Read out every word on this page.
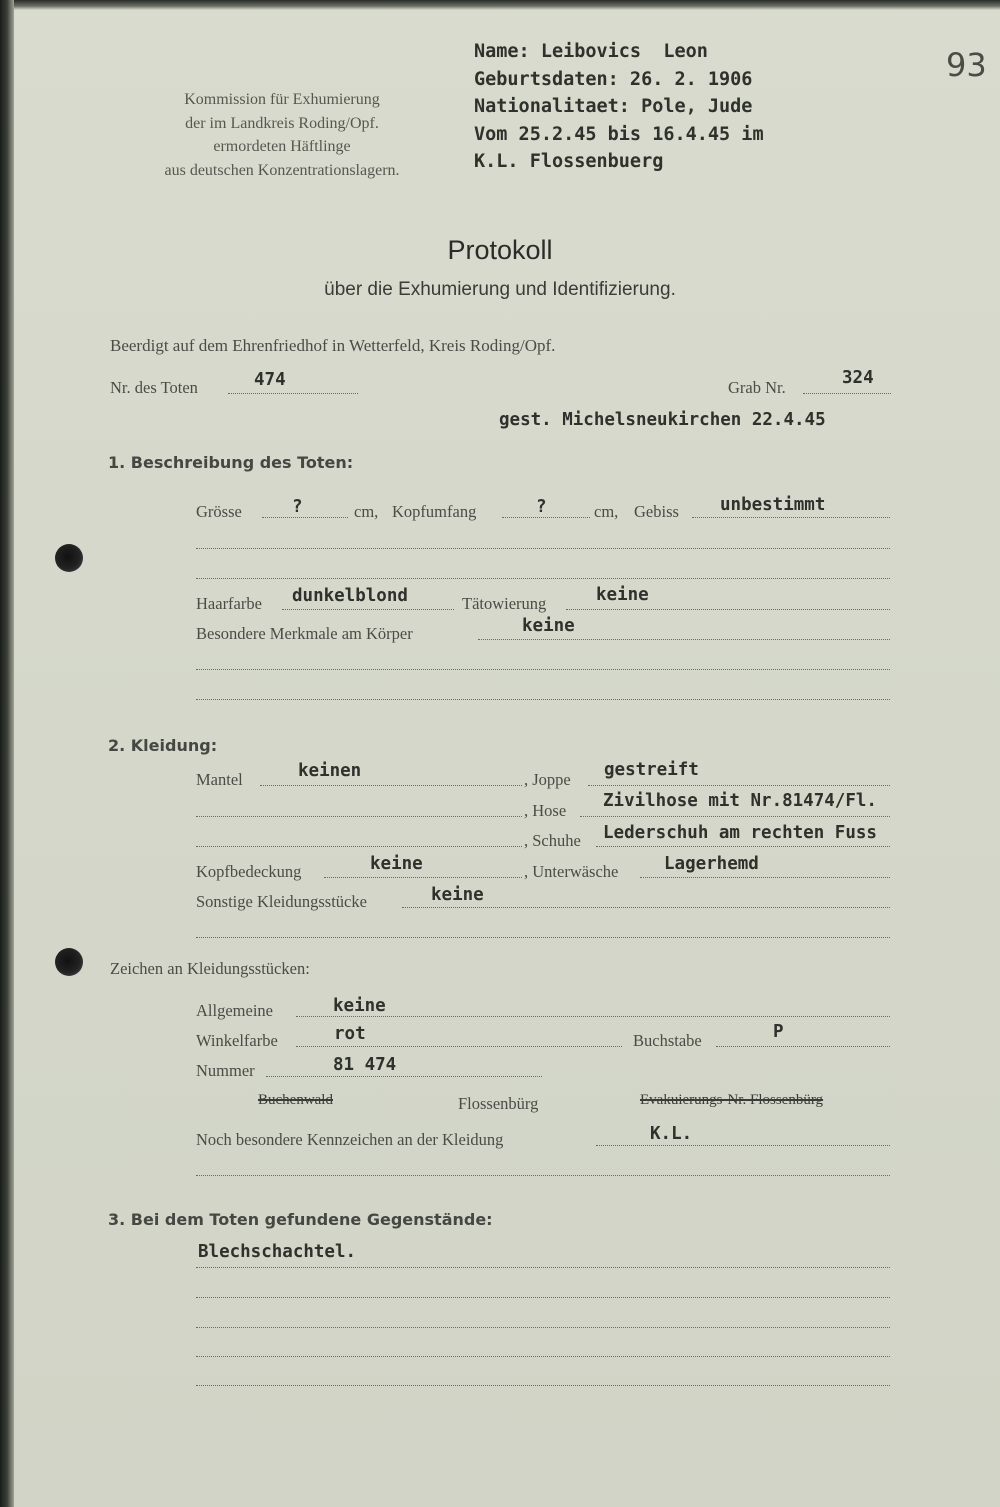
Kommission für Exhumierung
der im Landkreis Roding/Opf.
ermordeten Häftlinge
aus deutschen Konzentrationslagern.
Name: Leibovics  Leon
Geburtsdaten: 26. 2. 1906
Nationalitaet: Pole, Jude
Vom 25.2.45 bis 16.4.45 im
K.L. Flossenbuerg
93
Protokoll
über die Exhumierung und Identifizierung.
Beerdigt auf dem Ehrenfriedhof in Wetterfeld, Kreis Roding/Opf.
Nr. des Toten	474	Grab Nr.	324
gest. Michelsneukirchen 22.4.45
1. Beschreibung des Toten:
Grösse	?	cm, Kopfumfang	?	cm, Gebiss unbestimmt
Haarfarbe dunkelblond	Tätowierung	keine
Besondere Merkmale am Körper	keine
2. Kleidung:
Mantel	keinen	, Joppe gestreift
, Hose Zivilhose mit Nr.81474/Fl.
, Schuhe Lederschuh am rechten Fuss
Kopfbedeckung	keine	, Unterwäsche	Lagerhemd
Sonstige Kleidungsstücke	keine
Zeichen an Kleidungsstücken:
Allgemeine	keine
Winkelfarbe	rot	Buchstabe	P
Nummer	81 474
Buchenwald	Flossenbürg	Evakuierungs-Nr. Flossenbürg
Noch besondere Kennzeichen an der Kleidung	K.L.
3. Bei dem Toten gefundene Gegenstände:
Blechschachtel.
